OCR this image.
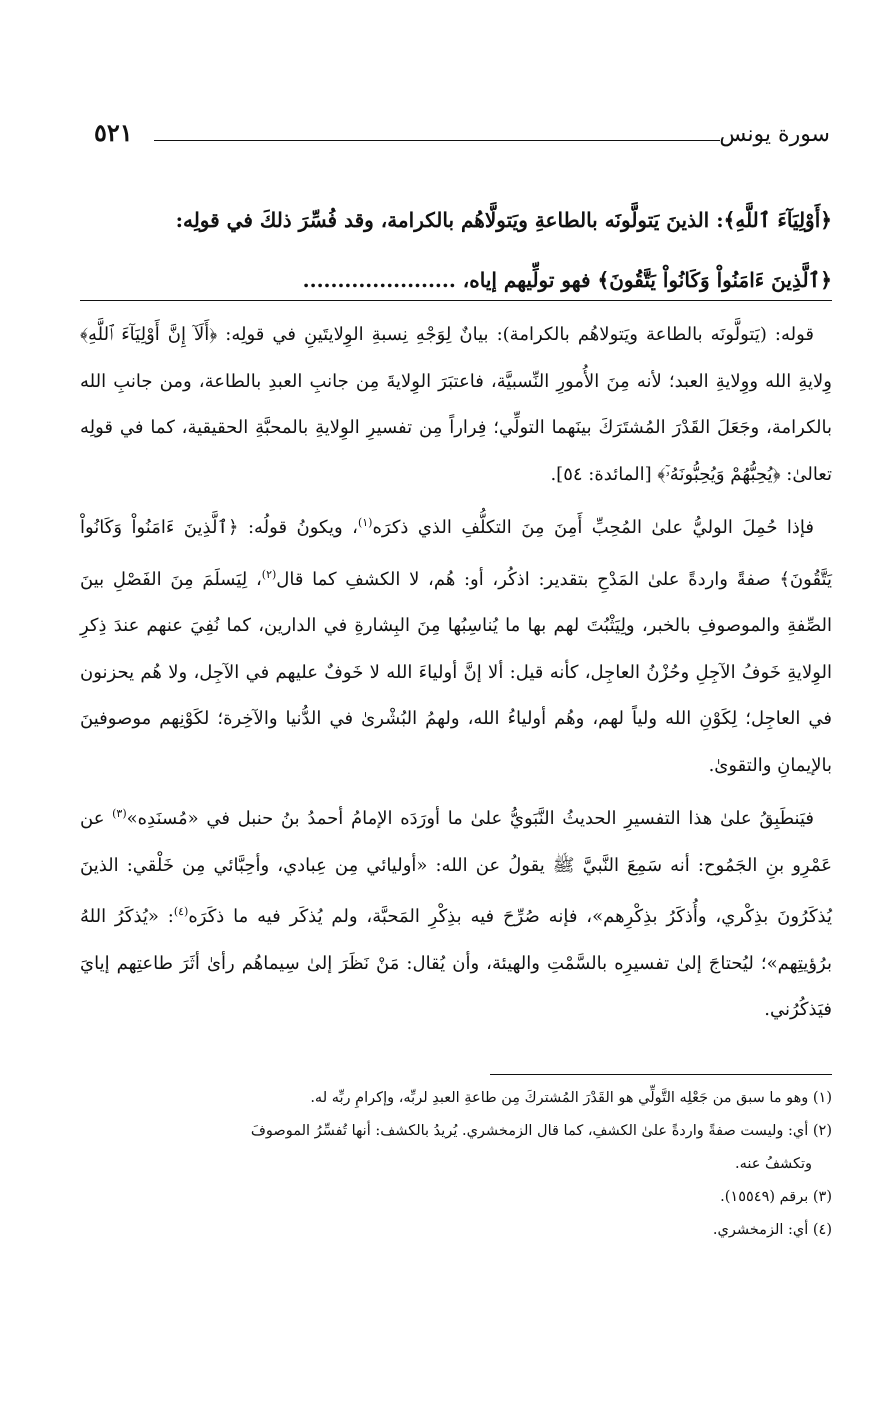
سورة يونس
٥٢١
﴿أَوْلِيَآءَ ٱللَّهِ﴾: الذينَ يَتولَّونَه بالطاعةِ ويَتولَّاهُم بالكرامة، وقد فُسِّرَ ذلكَ في قولِه:
﴿ٱلَّذِينَ ءَامَنُواْ وَكَانُواْ يَتَّقُونَ﴾ فهو تولِّيهم إياه، ......................

قوله: (يَتولَّونَه بالطاعة ويَتولاهُم بالكرامة): بيانٌ لِوَجْهِ نِسبةِ الوِلايتَينِ في قولِه: ﴿أَلَآ إِنَّ أَوْلِيَآءَ ٱللَّهِ﴾ وِلايةِ الله ووِلايةِ العبد؛ لأنه مِنَ الأُمورِ النِّسبيَّة، فاعتبَرَ الوِلايةَ مِن جانبِ العبدِ بالطاعة، ومن جانبِ الله بالكرامة، وجَعَلَ القَدْرَ المُشتَرَكَ بينَهما التولِّي؛ فِراراً مِن تفسيرِ الوِلايةِ بالمحبَّةِ الحقيقية، كما في قولِه تعالىٰ: ﴿يُحِبُّهُمْ وَيُحِبُّونَهُۥٓ﴾ [المائدة: ٥٤].

فإذا حُمِلَ الوليُّ علىٰ المُحِبِّ أَمِنَ مِنَ التكلُّفِ الذي ذكرَه$^{(١)}$، ويكونُ قولُه: ﴿ٱلَّذِينَ ءَامَنُواْ وَكَانُواْ يَتَّقُونَ﴾ صفةً واردةً علىٰ المَدْحِ بتقدير: اذكُر، أو: هُم، لا الكشفِ كما قال$^{(٢)}$، لِيَسلَمَ مِنَ الفَصْلِ بينَ الصِّفةِ والموصوفِ بالخبر، ولِيَثْبُتَ لهم بها ما يُناسِبُها مِنَ البِشارةِ في الدارين، كما نُفِيَ عنهم عندَ ذِكرِ الوِلايةِ خَوفُ الآجِلِ وحُزْنُ العاجِل، كأنه قيل: ألا إنَّ أولياءَ الله لا خَوفٌ عليهم في الآجِل، ولا هُم يحزنون في العاجِل؛ لِكَوْنِ الله ولياً لهم، وهُم أولياءُ الله، ولهمُ البُشْرىٰ في الدُّنيا والآخِرة؛ لكَوْنِهم موصوفينَ بالإيمانِ والتقوىٰ.

فيَنطَبِقُ علىٰ هذا التفسيرِ الحديثُ النَّبَويُّ علىٰ ما أورَدَه الإمامُ أحمدُ بنُ حنبل في «مُسنَدِه»$^{(٣)}$ عن عَمْرِو بنِ الجَمُوح: أنه سَمِعَ النَّبيَّ ﷺ يقولُ عن الله: «أوليائي مِن عِبادي، وأحِبَّائي مِن خَلْقي: الذينَ يُذكَرُونَ بذِكْري، وأُذكَرُ بذِكْرِهم»، فإنه صُرِّحَ فيه بذِكْرِ المَحبَّة، ولم يُذكَر فيه ما ذكَرَه$^{(٤)}$: «يُذكَرُ اللهُ برُؤيتِهم»؛ ليُحتاجَ إلىٰ تفسيرِه بالسَّمْتِ والهيئة، وأن يُقال: مَنْ نَظَرَ إلىٰ سِيماهُم رأىٰ أثَرَ طاعتِهم إيايَ فيَذكُرُني.

(١) وهو ما سبق من جَعْلِه التَّولِّي هو القَدْرَ المُشتركَ مِن طاعةِ العبدِ لربِّه، وإكرامِ ربِّه له.

(٢) أي: وليست صفةً واردةً علىٰ الكشفِ، كما قال الزمخشري. يُريدُ بالكشف: أنها تُفسِّرُ الموصوفَ

وتكشفُ عنه.

(٣) برقم (١٥٥٤٩).

(٤) أي: الزمخشري.
